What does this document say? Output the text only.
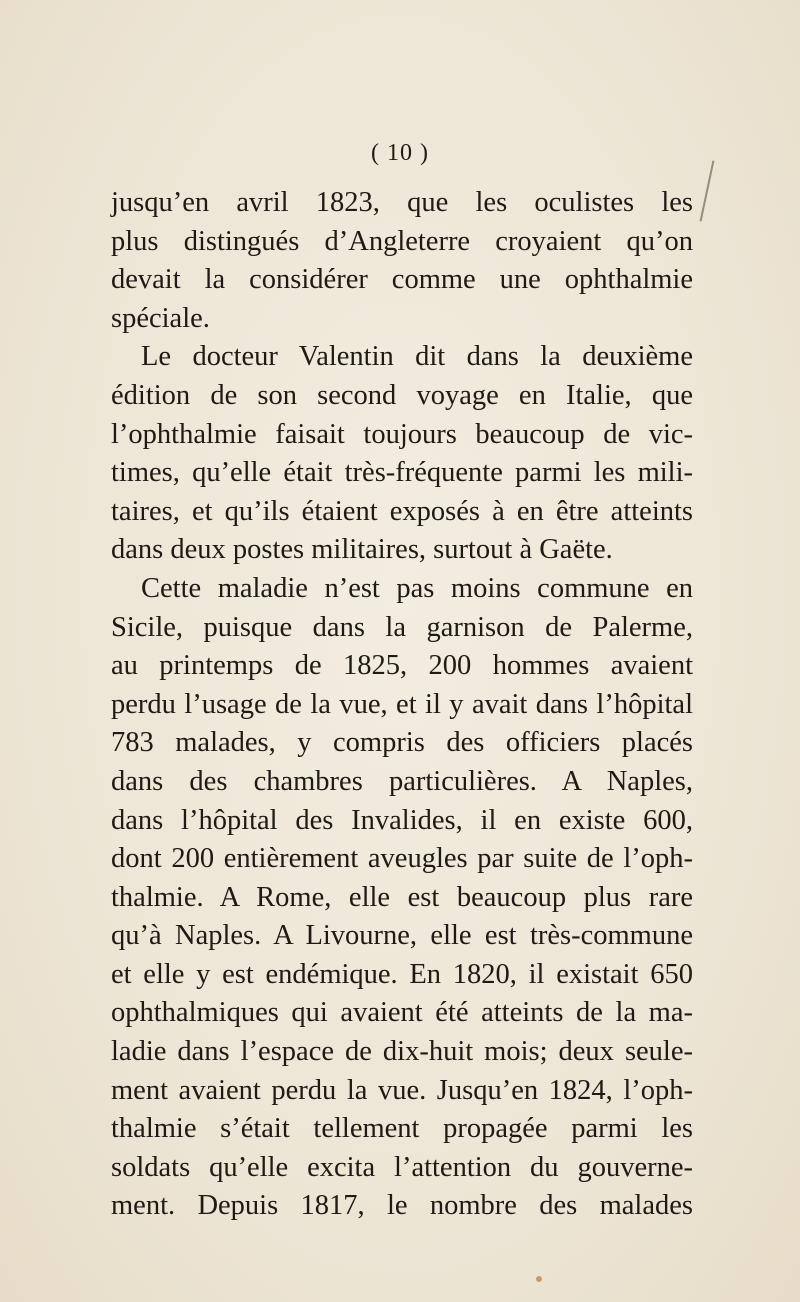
( 10 )
jusqu’en avril 1823, que les oculistes les
plus distingués d’Angleterre croyaient qu’on
devait la considérer comme une ophthalmie
spéciale.
Le docteur Valentin dit dans la deuxième
édition de son second voyage en Italie, que
l’ophthalmie faisait toujours beaucoup de vic-
times, qu’elle était très-fréquente parmi les mili-
taires, et qu’ils étaient exposés à en être atteints
dans deux postes militaires, surtout à Gaëte.
Cette maladie n’est pas moins commune en
Sicile, puisque dans la garnison de Palerme,
au printemps de 1825, 200 hommes avaient
perdu l’usage de la vue, et il y avait dans l’hôpital
783 malades, y compris des officiers placés
dans des chambres particulières. A Naples,
dans l’hôpital des Invalides, il en existe 600,
dont 200 entièrement aveugles par suite de l’oph-
thalmie. A Rome, elle est beaucoup plus rare
qu’à Naples. A Livourne, elle est très-commune
et elle y est endémique. En 1820, il existait 650
ophthalmiques qui avaient été atteints de la ma-
ladie dans l’espace de dix-huit mois; deux seule-
ment avaient perdu la vue. Jusqu’en 1824, l’oph-
thalmie s’était tellement propagée parmi les
soldats qu’elle excita l’attention du gouverne-
ment. Depuis 1817, le nombre des malades
